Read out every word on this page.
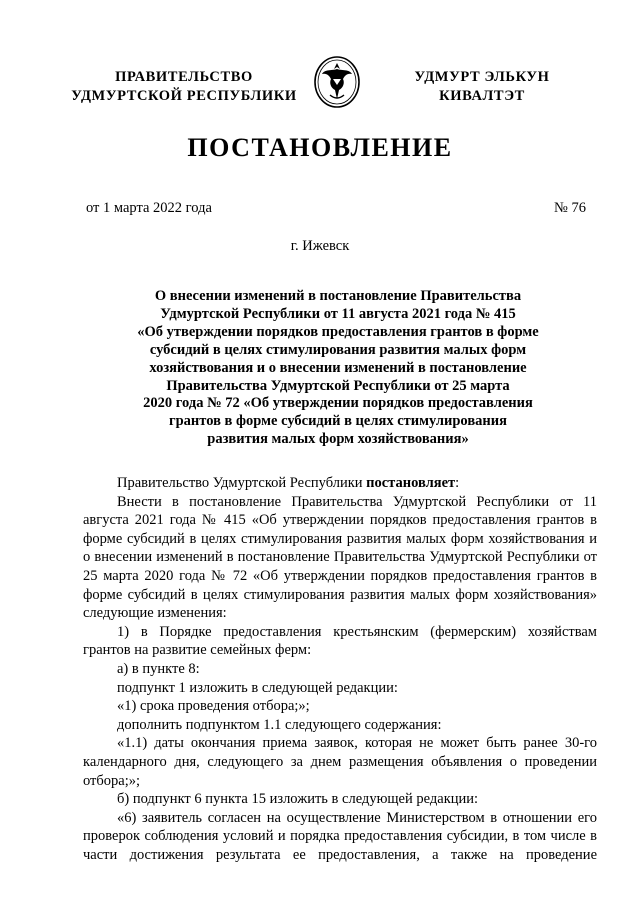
ПРАВИТЕЛЬСТВО
УДМУРТСКОЙ РЕСПУБЛИКИ
УДМУРТ ЭЛЬКУН
КИВАЛТЭТ
ПОСТАНОВЛЕНИЕ
от 1 марта 2022 года	№ 76
г. Ижевск
О внесении изменений в постановление Правительства
Удмуртской Республики от 11 августа 2021 года № 415
«Об утверждении порядков предоставления грантов в форме
субсидий в целях стимулирования развития малых форм
хозяйствования и о внесении изменений в постановление
Правительства Удмуртской Республики от 25 марта
2020 года № 72 «Об утверждении порядков предоставления
грантов в форме субсидий в целях стимулирования
развития малых форм хозяйствования»

Правительство Удмуртской Республики постановляет:

Внести в постановление Правительства Удмуртской Республики от 11 августа 2021 года № 415 «Об утверждении порядков предоставления грантов в форме субсидий в целях стимулирования развития малых форм хозяйствования и о внесении изменений в постановление Правительства Удмуртской Республики от 25 марта 2020 года № 72 «Об утверждении порядков предоставления грантов в форме субсидий в целях стимулирования развития малых форм хозяйствования» следующие изменения:

1) в Порядке предоставления крестьянским (фермерским) хозяйствам грантов на развитие семейных ферм:

а) в пункте 8:

подпункт 1 изложить в следующей редакции:

«1) срока проведения отбора;»;

дополнить подпунктом 1.1 следующего содержания:

«1.1) даты окончания приема заявок, которая не может быть ранее 30-го календарного дня, следующего за днем размещения объявления о проведении отбора;»;

б) подпункт 6 пункта 15 изложить в следующей редакции:

«6) заявитель согласен на осуществление Министерством в отношении его проверок соблюдения условий и порядка предоставления субсидии, в том числе в части достижения результата ее предоставления, а также на проведение
